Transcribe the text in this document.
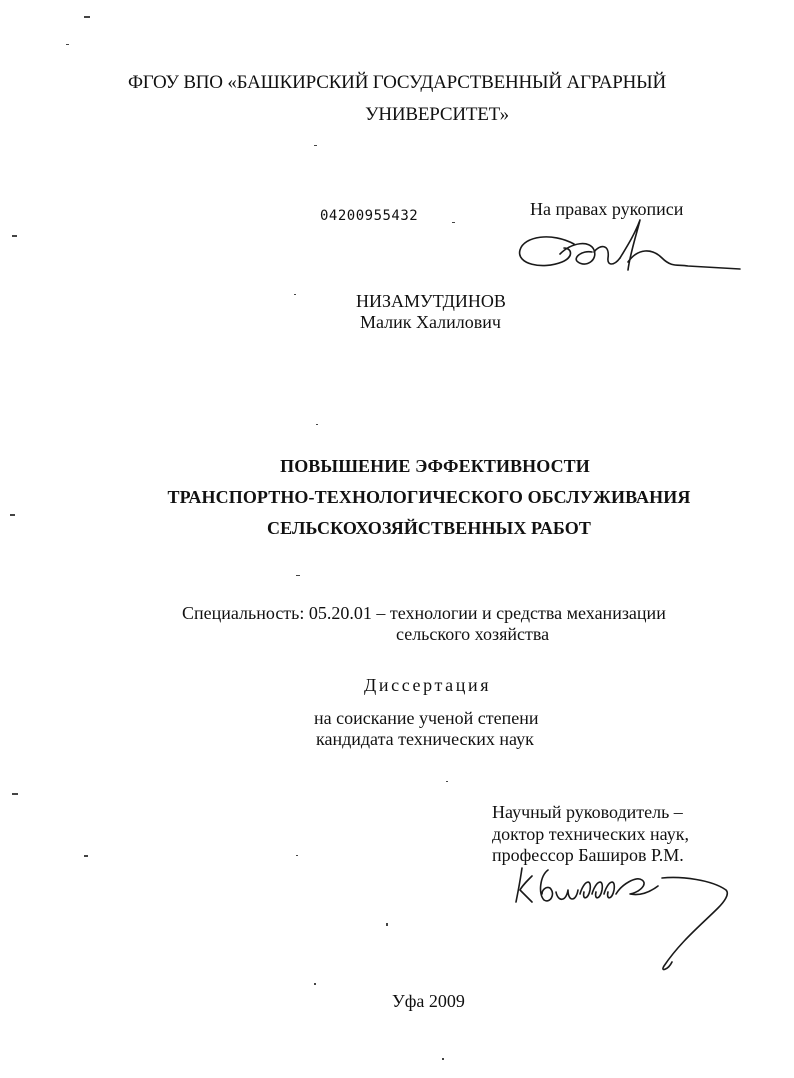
ФГОУ ВПО «БАШКИРСКИЙ ГОСУДАРСТВЕННЫЙ АГРАРНЫЙ
УНИВЕРСИТЕТ»
04200955432	На правах рукописи
НИЗАМУТДИНОВ
Малик Халилович
ПОВЫШЕНИЕ ЭФФЕКТИВНОСТИ
ТРАНСПОРТНО-ТЕХНОЛОГИЧЕСКОГО ОБСЛУЖИВАНИЯ
СЕЛЬСКОХОЗЯЙСТВЕННЫХ РАБОТ
Специальность: 05.20.01 – технологии и средства механизации
сельского хозяйства
Диссертация
на соискание ученой степени
кандидата технических наук
Научный руководитель –
доктор технических наук,
профессор Баширов Р.М.
Уфа 2009
